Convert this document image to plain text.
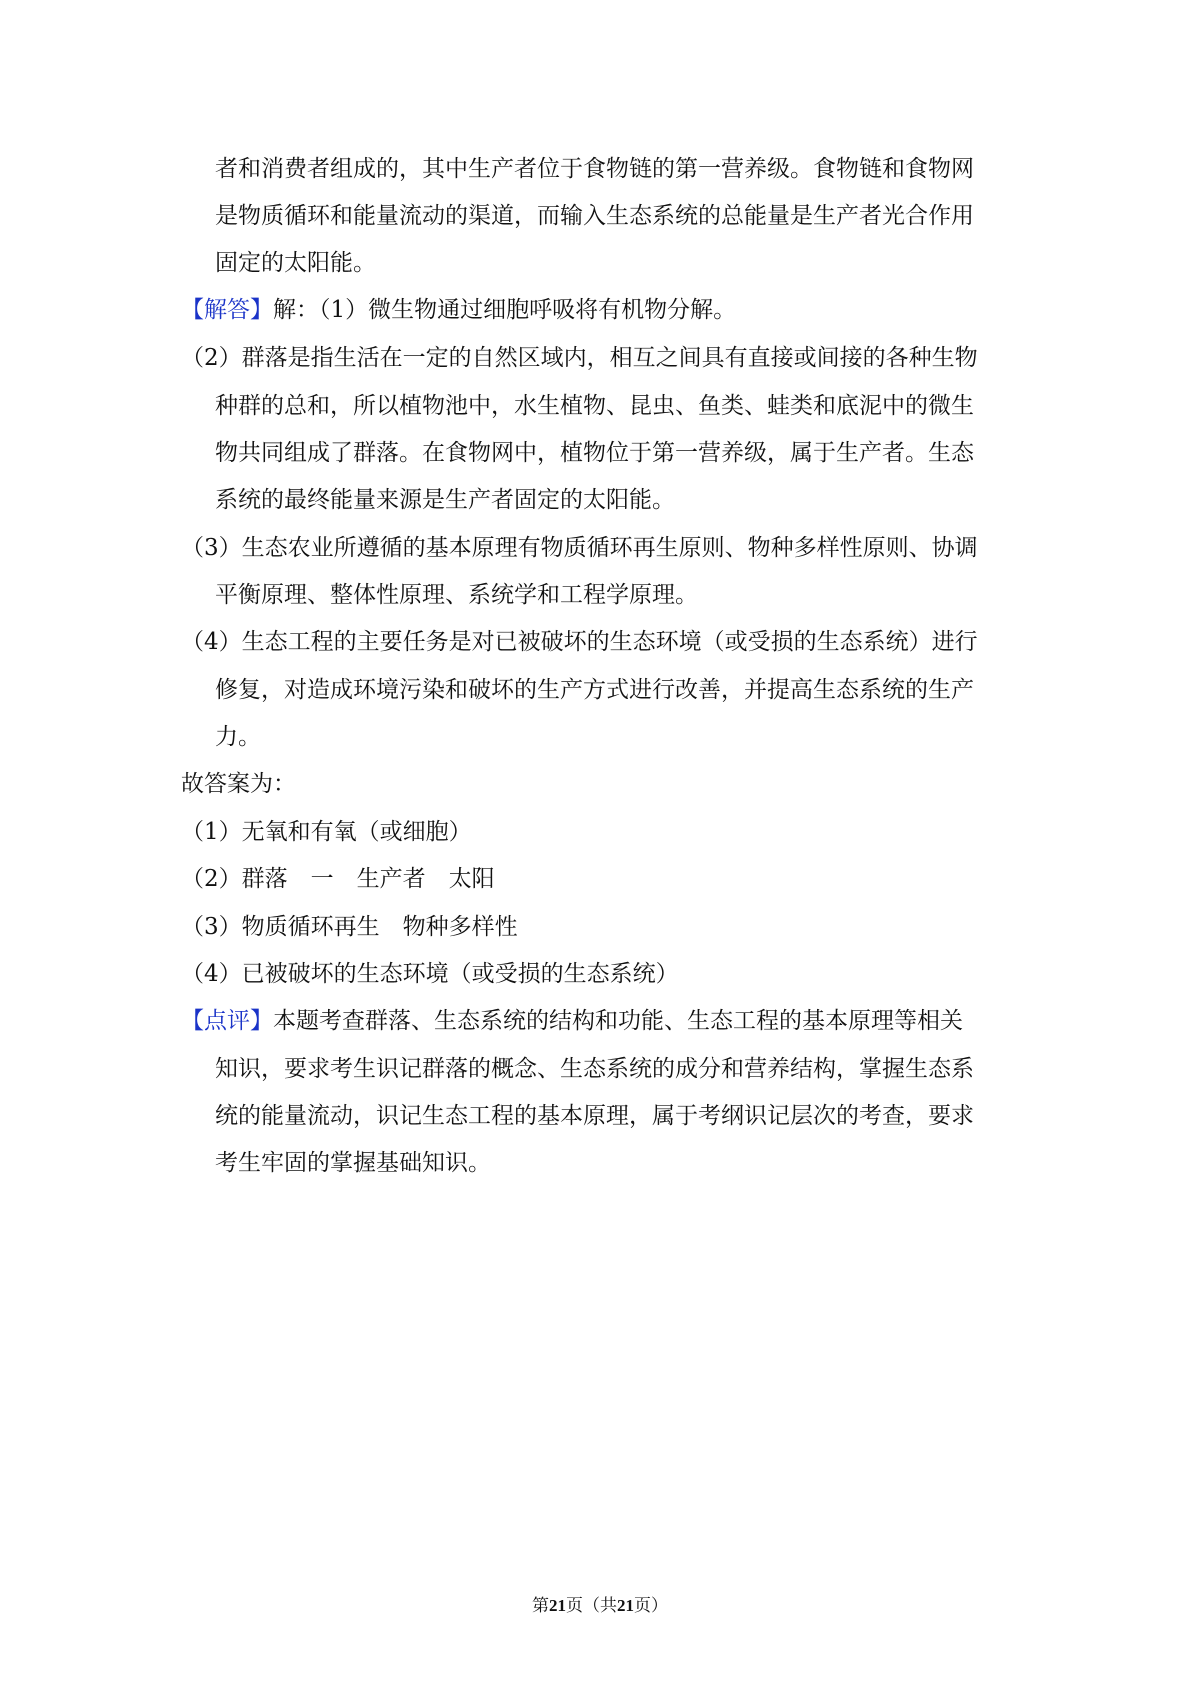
者和消费者组成的，其中生产者位于食物链的第一营养级。食物链和食物网
是物质循环和能量流动的渠道，而输入生态系统的总能量是生产者光合作用
固定的太阳能。
【解答】解：（1）微生物通过细胞呼吸将有机物分解。
（2）群落是指生活在一定的自然区域内，相互之间具有直接或间接的各种生物
种群的总和，所以植物池中，水生植物、昆虫、鱼类、蛙类和底泥中的微生
物共同组成了群落。在食物网中，植物位于第一营养级，属于生产者。生态
系统的最终能量来源是生产者固定的太阳能。
（3）生态农业所遵循的基本原理有物质循环再生原则、物种多样性原则、协调
平衡原理、整体性原理、系统学和工程学原理。
（4）生态工程的主要任务是对已被破坏的生态环境（或受损的生态系统）进行
修复，对造成环境污染和破坏的生产方式进行改善，并提高生态系统的生产
力。
故答案为：
（1）无氧和有氧（或细胞）
（2）群落　一　生产者　太阳
（3）物质循环再生　物种多样性
（4）已被破坏的生态环境（或受损的生态系统）
【点评】本题考查群落、生态系统的结构和功能、生态工程的基本原理等相关
知识，要求考生识记群落的概念、生态系统的成分和营养结构，掌握生态系
统的能量流动，识记生态工程的基本原理，属于考纲识记层次的考查，要求
考生牢固的掌握基础知识。
第21页（共21页）
